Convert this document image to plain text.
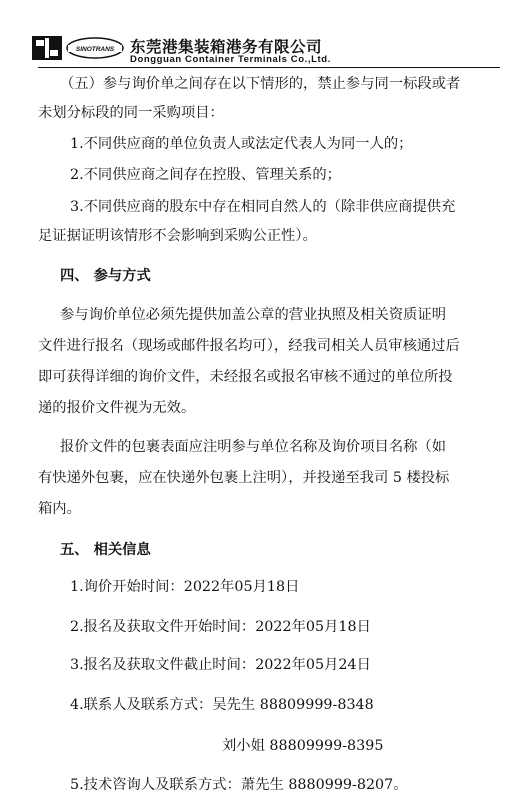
SINOTRANS 东莞港集装箱港务有限公司
Dongguan Container Terminals Co.,Ltd.
（五）参与询价单之间存在以下情形的，禁止参与同一标段或者
未划分标段的同一采购项目：
1.不同供应商的单位负责人或法定代表人为同一人的；
2.不同供应商之间存在控股、管理关系的；
3.不同供应商的股东中存在相同自然人的（除非供应商提供充
足证据证明该情形不会影响到采购公正性）。
四、 参与方式
参与询价单位必须先提供加盖公章的营业执照及相关资质证明
文件进行报名（现场或邮件报名均可），经我司相关人员审核通过后
即可获得详细的询价文件，未经报名或报名审核不通过的单位所投
递的报价文件视为无效。
报价文件的包裹表面应注明参与单位名称及询价项目名称（如
有快递外包裹，应在快递外包裹上注明），并投递至我司 5 楼投标
箱内。
五、 相关信息
1.询价开始时间：2022年05月18日
2.报名及获取文件开始时间：2022年05月18日
3.报名及获取文件截止时间：2022年05月24日
4.联系人及联系方式：吴先生 88809999-8348
刘小姐 88809999-8395
5.技术咨询人及联系方式：萧先生 8880999-8207。
